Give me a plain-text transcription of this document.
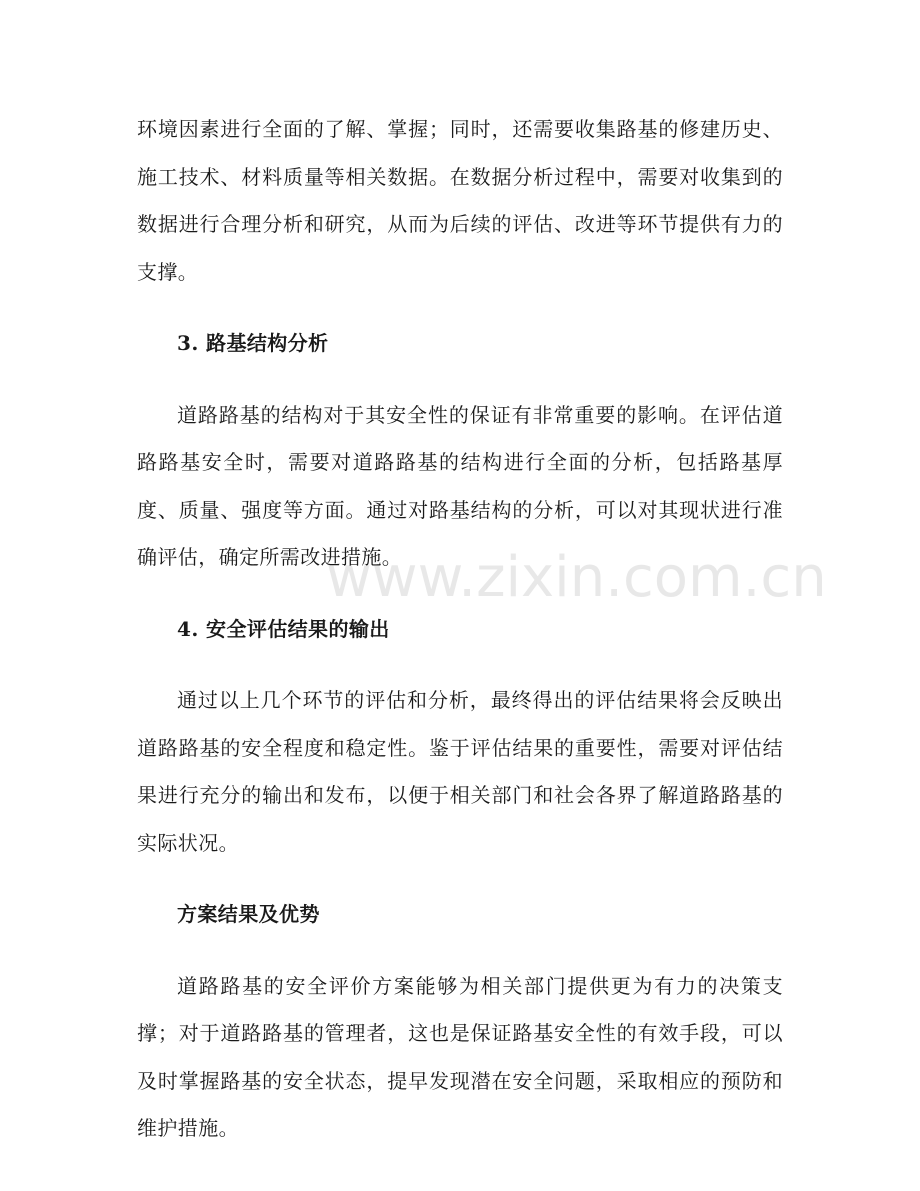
环境因素进行全面的了解、掌握；同时，还需要收集路基的修建历史、施工技术、材料质量等相关数据。在数据分析过程中，需要对收集到的数据进行合理分析和研究，从而为后续的评估、改进等环节提供有力的支撑。

3. 路基结构分析

道路路基的结构对于其安全性的保证有非常重要的影响。在评估道路路基安全时，需要对道路路基的结构进行全面的分析，包括路基厚度、质量、强度等方面。通过对路基结构的分析，可以对其现状进行准确评估，确定所需改进措施。

4. 安全评估结果的输出

通过以上几个环节的评估和分析，最终得出的评估结果将会反映出道路路基的安全程度和稳定性。鉴于评估结果的重要性，需要对评估结果进行充分的输出和发布，以便于相关部门和社会各界了解道路路基的实际状况。

方案结果及优势

道路路基的安全评价方案能够为相关部门提供更为有力的决策支撑；对于道路路基的管理者，这也是保证路基安全性的有效手段，可以及时掌握路基的安全状态，提早发现潜在安全问题，采取相应的预防和维护措施。

www.zixin.com.cn
